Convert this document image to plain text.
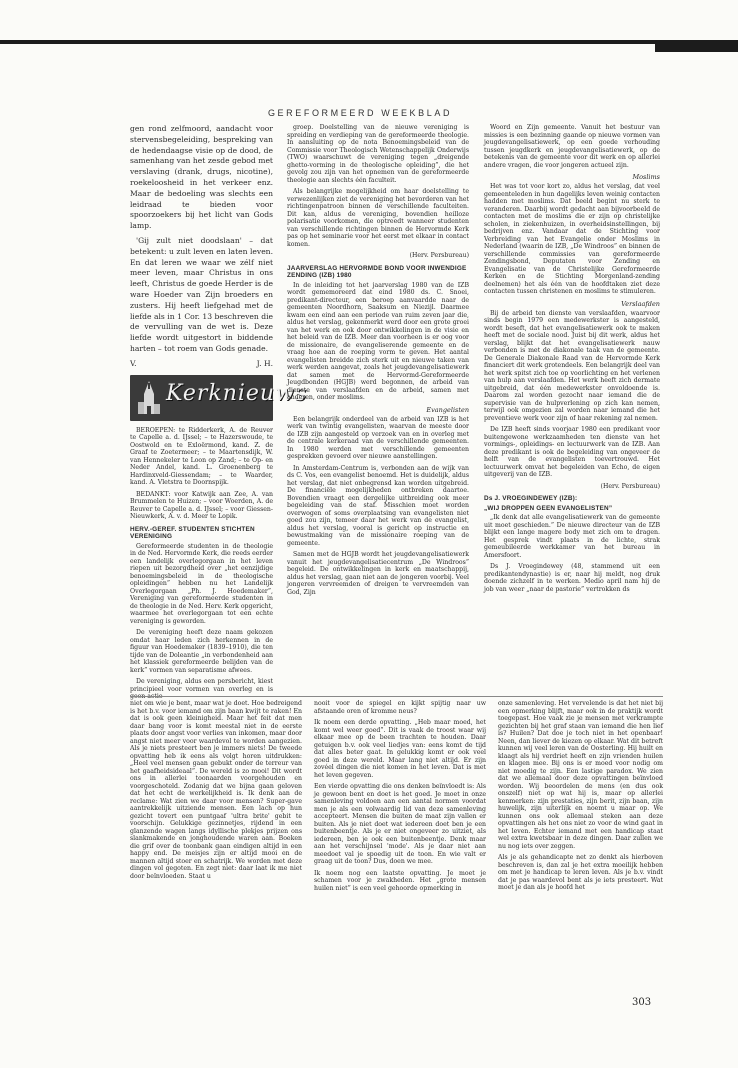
GEREFORMEERD WEEKBLAD

gen rond zelfmoord, aandacht voor stervensbegeleiding, bespreking van de hedendaagse visie op de dood, de samenhang van het zesde gebod met verslaving (drank, drugs, nicotine), roekeloosheid in het verkeer enz. Maar de bedoeling was slechts een leidraad te bieden voor spoorzoekers bij het licht van Gods lamp.

'Gij zult niet doodslaan' – dat betekent: u zult leven en laten leven. En dat leren we waar we zélf niet meer leven, maar Christus in ons leeft, Christus de goede Herder is de ware Hoeder van Zijn broeders en zusters. Hij heeft liefgehad met de liefde als in 1 Cor. 13 beschreven die de vervulling van de wet is. Deze liefde wordt uitgestort in biddende harten – tot roem van Gods genade.

V.	J. H.
Kerknieuws

BEROEPEN: te Ridderkerk, A. de Reuver te Capelle a. d. IJssel; – te Hazerswoude, te Oostwold en te Exloërmond, kand. Z. de Graaf te Zoetermeer; – te Maartensdijk, W. van Hennekeler te Loon op Zand; – te Op- en Neder Andel, kand. L. Groenenberg te Hardinxveld-Giessendam; – te Waarder, kand. A. Vletstra te Doornspijk.

BEDANKT: voor Katwijk aan Zee, A. van Brummelen te Huizen; – voor Woerden, A. de Reuver te Capelle a. d. IJssel; – voor Giessen-Nieuwkerk, A. v. d. Meer te Lopik.

HERV.-GEREF. STUDENTEN STICHTEN VERENIGING

Gereformeerde studenten in de theologie in de Ned. Hervormde Kerk, die reeds eerder een landelijk overlegorgaan in het leven riepen uit bezorgdheid over „het eenzijdige benoemingsbeleid in de theologische opleidingen” hebben nu het Landelijk Overlegorgaan „Ph. J. Hoedemaker”, Vereniging van gereformeerde studenten in de theologie in de Ned. Herv. Kerk opgericht, waarmee het overlegorgaan tot een echte vereniging is geworden.

De vereniging heeft deze naam gekozen omdat haar leden zich herkennen in de figuur van Hoedemaker (1839–1910), die ten tijde van de Doleantie „in verbondenheid aan het klassiek gereformeerde belijden van de kerk” vormen van separatisme afwees.

De vereniging, aldus een persbericht, kiest principieel voor vormen van overleg en is

groep. Doelstelling van de nieuwe vereniging is spreiding en verdieping van de gereformeerde theologie. In aansluiting op de nota Benoemingsbeleid van de Commissie voor Theologisch Wetenschappelijk Onderwijs (TWO) waarschuwt de vereniging tegen „dreigende ghetto-vorming in de theologische opleiding”, die het gevolg zou zijn van het opnemen van de gereformeerde theologie aan slechts één faculteit.

Als belangrijke mogelijkheid om haar doelstelling te verwezenlijken ziet de vereniging het bevorderen van het richtingenpatroon binnen de verschillende faculteiten. Dit kan, aldus de vereniging, bovendien heilloze polarisatie voorkomen, die optreedt wanneer studenten van verschillende richtingen binnen de Hervormde Kerk pas op het seminarie voor het eerst met elkaar in contact komen.

(Herv. Persbureau)
JAARVERSLAG HERVORMDE BOND VOOR INWENDIGE ZENDING (IZB) 1980

In de inleiding tot het jaarverslag 1980 van de IZB wordt gememoreerd dat eind 1980 ds. C. Snoei, predikant-directeur, een beroep aanvaardde naar de gemeenten Noordhorn, Saaksum en Niezijl. Daarmee kwam een eind aan een periode van ruim zeven jaar die, aldus het verslag, gekenmerkt werd door een grote groei van het werk en ook door ontwikkelingen in de visie en het beleid van de IZB. Meer dan voorheen is er oog voor de missionaire, de evangeliserende gemeente en de vraag hoe aan de roeping vorm te geven. Het aantal evangelisten breidde zich sterk uit en nieuwe taken van werk werden aangevat, zoals het jeugdevangelisatiewerk dat samen met de Hervormd-Gereformeerde Jeugdbonden (HGJB) werd begonnen, de arbeid van dienste van verslaafden en de arbeid, samen met anderen, onder moslims.

Evangelisten

Een belangrijk onderdeel van de arbeid van IZB is het werk van twintig evangelisten, waarvan de meeste door de IZB zijn aangesteld op verzoek van en in overleg met de centrale kerkeraad van de verschillende gemeenten. In 1980 werden met verschillende gemeenten gesprekken gevoerd over nieuwe aanstellingen.

In Amsterdam-Centrum is, verbonden aan de wijk van ds C. Vos, een evangelist benoemd. Het is duidelijk, aldus het verslag, dat niet onbegrensd kan worden uitgebreid. De financiële mogelijkheden ontbreken daartoe. Bovendien vraagt een dergelijke uitbreiding ook meer begeleiding van de staf. Misschien moet worden overwogen of soms overplaatsing van evangelisten niet goed zou zijn, temeer daar het werk van de evangelist, aldus het verslag, vooral is gericht op instructie en bewustmaking van de missionaire roeping van de gemeente.

Samen met de HGJB wordt het jeugdevangelisatiewerk vanuit het jeugdevangelisatiecentrum „De Windroos” begeleid. De ontwikkelingen in kerk en maatschappij, aldus het verslag, gaan niet aan de jongeren voorbij. Veel jongeren vervreemden of dreigen te vervreemden van God, Zijn

Woord en Zijn gemeente. Vanuit het bestuur van missies is een bezinning gaande op nieuwe vormen van jeugdevangelisatiewerk, op een goede verhouding tussen jeugdkerk en jeugdevangelisatiewerk, op de betekenis van de gemeente voor dit werk en op allerlei andere vragen, die voor jongeren actueel zijn.

Moslims

Het was tot voor kort zo, aldus het verslag, dat veel gemeenteleden in hun dagelijks leven weinig contacten hadden met moslims. Dat beeld begint nu sterk te veranderen. Daarbij wordt gedacht aan bijvoorbeeld de contacten met de moslims die er zijn op christelijke scholen, in ziekenhuizen, in overheidsinstellingen, bij bedrijven enz. Vandaar dat de Stichting voor Verbreiding van het Evangelie onder Moslims in Nederland (waarin de IZB, „De Windroos” en binnen de verschillende commissies van gereformeerde Zendingsbond, Deputaten voor Zending en Evangelisatie van de Christelijke Gereformeerde Kerken en de Stichting Morgenland-zending deelnemen) het als één van de hoofdtaken ziet deze contacten tussen christenen en moslims te stimuleren.

Verslaafden

Bij de arbeid ten dienste van verslaafden, waarvoor sinds begin 1979 een medewerkster is aangesteld, wordt beseft, dat het evangelisatiewerk ook te maken heeft met de sociale nood. Juist bij dit werk, aldus het verslag, blijkt dat het evangelisatiewerk nauw verbonden is met de diakonale taak van de gemeente. De Generale Diakonale Raad van de Hervormde Kerk financiert dit werk grotendeels. Een belangrijk deel van het werk spitst zich toe op voorlichting en het verlenen van hulp aan verslaafden. Het werk heeft zich dermate uitgebreid, dat één medewerkster onvoldoende is. Daarom zal worden gezocht naar iemand die de supervisie van de hulpverlening op zich kan nemen, terwijl ook omgezien zal worden naar iemand die het preventieve werk voor zijn of haar rekening zal nemen.

De IZB heeft sinds voorjaar 1980 een predikant voor buitengewone werkzaamheden ten dienste van het vormings-, opleidings- en lectuurwerk van de IZB. Aan deze predikant is ook de begeleiding van ongeveer de helft van de evangelisten toevertrouwd. Het lectuurwerk omvat het begeleiden van Echo, de eigen uitgeverij van de IZB.

(Herv. Persbureau)
Ds J. VROEGINDEWEY (IZB):
„WIJ DROPPEN GEEN EVANGELISTEN”

„Ik denk dat alle evangelisatiewerk van de gemeente uit moet geschieden.” De nieuwe directeur van de IZB blijkt een lange magere body met zich om te dragen. Het gesprek vindt plaats in de lichte, strak gemeubileerde werkkamer van het bureau in Amersfoort.

Ds J. Vroegindewey (48, stammend uit een predikantendynastie) is er, naar hij meldt, nog druk doende zichzelf in te werken. Medio april nam hij de job van weer „naar de pastorie” vertrokken ds

niet om wie je bent, maar wat je doet. Hoe bedreigend is het b.v. voor iemand om zijn baan kwijt te raken! En dat is ook geen kleinigheid. Maar het feit dat men daar bang voor is komt meestal niet in de eerste plaats door angst voor verlies van inkomen, maar door angst niet meer voor waardevol te worden aangezien. Als je niets presteert ben je immers niets! De tweede opvatting heb ik eens als volgt horen uitdrukken: „Heel veel mensen gaan gebukt onder de terreur van het gaafheidsideaal”. De wereld is zo mooi! Dit wordt ons in allerlei toonaarden voorgehouden en voorgeschoteld. Zodanig dat we bijna gaan geloven dat het echt de werkelijkheid is. Ik denk aan de reclame: Wat zien we daar voor mensen? Super-gave aantrekkelijk uitziende mensen. Een lach op hun gezicht tovert een puntgaaf 'ultra brite' gebit te voorschijn. Gelukkige gezinnetjes, rijdend in een glanzende wagen langs idyllische plekjes prijzen ons slankmakende en jonghoudende waren aan. Boeken die grif over de toonbank gaan eindigen altijd in een happy end. De meisjes zijn er altijd mooi en de mannen altijd stoer en schatrijk. We worden met deze dingen vol gegoten. En zegt niet: daar laat ik me niet door beïnvloeden. Staat u

nooit voor de spiegel en kijkt spijtig naar uw afstaande oren of kromme neus?

Ik noem een derde opvatting. „Heb maar moed, het komt wel weer goed”. Dit is vaak de troost waar wij elkaar mee op de been trachten te houden. Daar getuigen b.v. ook veel liedjes van: eens komt de tijd dat alles beter gaat. In gelukkig komt er ook veel goed in deze wereld. Maar lang niet altijd. Er zijn zovéel dingen die niet komen in het leven. Dat is met het leven gegeven.

Een vierde opvatting die ons denken beïnvloedt is: Als je gewoon bent en doet is het goed. Je moet in onze samenleving voldoen aan een aantal normen voordat men je als een volwaardig lid van deze samenleving accepteert. Mensen die buiten de maat zijn vallen er buiten. Als je niet doet wat iedereen doet ben je een buitenbeentje. Als je er niet ongeveer zo uitziet, als iedereen, ben je ook een buitenbeentje. Denk maar aan het verschijnsel 'mode'. Als je daar niet aan meedoet val je spoedig uit de toon. En wie valt er graag uit de toon? Dus, doen we mee.

Ik noem nog een laatste opvatting. Je moet je schamen voor je zwakheden. Het „grote mensen huilen niet” is een veel gehoorde opmerking in

onze samenleving. Het vervelende is dat het niet bij een opmerking blijft, maar ook in de praktijk wordt toegepast. Hoe vaak zie je mensen met verkrampte gezichten bij het graf staan van iemand die hen lief is? Huilen? Dat doe je toch niet in het openbaar! Neen, dan liever de kiezen op elkaar. Wat dit betreft kunnen wij veel leren van de Oosterling. Hij huilt en klaagt als hij verdriet heeft en zijn vrienden huilen en klagen mee. Bij ons is er moed voor nodig om niet moedig te zijn. Een lastige paradox. We zien dat we allemaal door deze opvattingen beïnvloed worden. Wij beoordelen de mens (en dus ook onszelf) niet op wat hij is, maar op allerlei kenmerken: zijn prestaties, zijn berit, zijn baan, zijn huwelijk, zijn uiterlijk en noemt u maar op. We kunnen ons ook allemaal steken aan deze opvattingen als het ons niet zo voor de wind gaat in het leven. Echter iemand met een handicap staat wel extra kwetsbaar in deze dingen. Daar zullen we nu nog iets over zeggen.

Als je als gehandicapte net zo denkt als hierboven beschreven is, dan zal je het extra moeilijk hebben om met je handicap te leren leven. Als je b.v. vindt dat je pas waardevol bent als je iets presteert. Wat moet je dan als je hoofd het

303
